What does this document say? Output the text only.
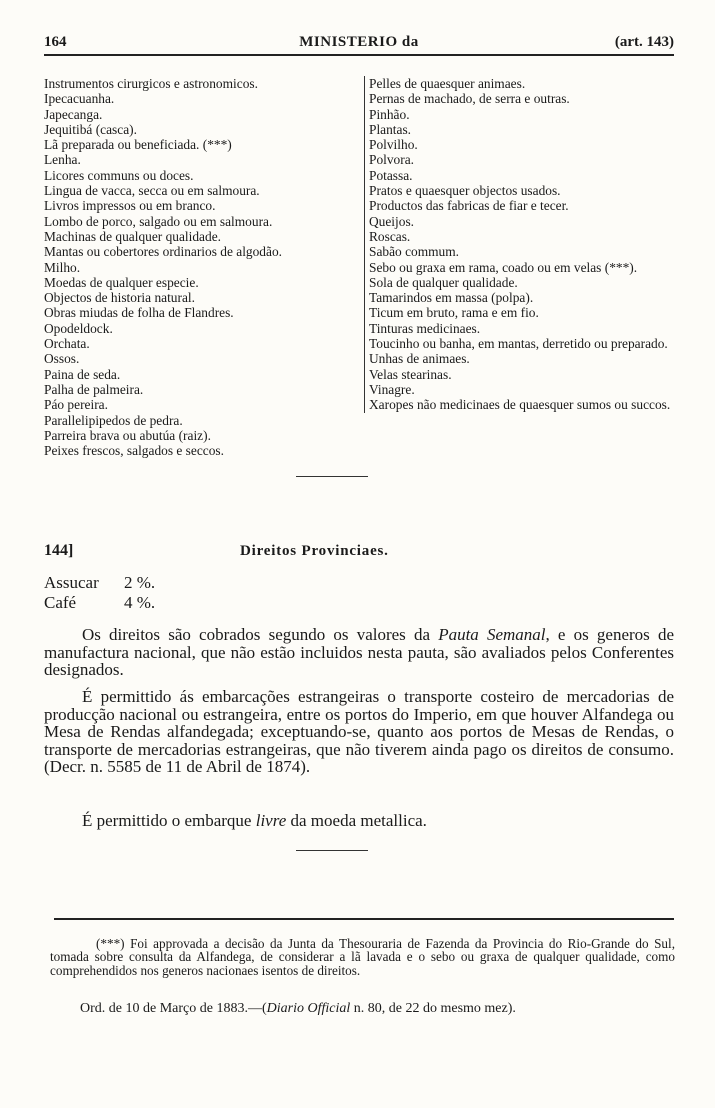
164	MINISTERIO da	(art. 143)
Instrumentos cirurgicos e astronomicos.
Ipecacuanha.
Japecanga.
Jequitibá (casca).
Lã preparada ou beneficiada. (***)
Lenha.
Licores communs ou doces.
Lingua de vacca, secca ou em salmoura.
Livros impressos ou em branco.
Lombo de porco, salgado ou em salmoura.
Machinas de qualquer qualidade.
Mantas ou cobertores ordinarios de algodão.
Milho.
Moedas de qualquer especie.
Objectos de historia natural.
Obras miudas de folha de Flandres.
Opodeldock.
Orchata.
Ossos.
Paina de seda.
Palha de palmeira.
Páo pereira.
Parallelipipedos de pedra.
Parreira brava ou abutúa (raiz).
Peixes frescos, salgados e seccos.
Pelles de quaesquer animaes.
Pernas de machado, de serra e outras.
Pinhão.
Plantas.
Polvilho.
Polvora.
Potassa.
Pratos e quaesquer objectos usados.
Productos das fabricas de fiar e tecer.
Queijos.
Roscas.
Sabão commum.
Sebo ou graxa em rama, coado ou em velas (***).
Sola de qualquer qualidade.
Tamarindos em massa (polpa).
Ticum em bruto, rama e em fio.
Tinturas medicinaes.
Toucinho ou banha, em mantas, derretido ou preparado.
Unhas de animaes.
Velas stearinas.
Vinagre.
Xaropes não medicinaes de quaesquer sumos ou succos.
144]	Direitos Provinciaes.
Assucar 2 %.
Café	4 %.
Os direitos são cobrados segundo os valores da Pauta Semanal, e os generos de manufactura nacional, que não estão incluidos nesta pauta, são avaliados pelos Conferentes designados.
É permittido ás embarcações estrangeiras o transporte costeiro de mercadorias de producção nacional ou estrangeira, entre os portos do Imperio, em que houver Alfandega ou Mesa de Rendas alfandegada; exceptuando-se, quanto aos portos de Mesas de Rendas, o transporte de mercadorias estrangeiras, que não tiverem ainda pago os direitos de consumo. (Decr. n. 5585 de 11 de Abril de 1874).
É permittido o embarque livre da moeda metallica.
(***) Foi approvada a decisão da Junta da Thesouraria de Fazenda da Provincia do Rio-Grande do Sul, tomada sobre consulta da Alfandega, de considerar a lã lavada e o sebo ou graxa de qualquer qualidade, como comprehendidos nos generos nacionaes isentos de direitos.
Ord. de 10 de Março de 1883.—(Diario Official n. 80, de 22 do mesmo mez).
